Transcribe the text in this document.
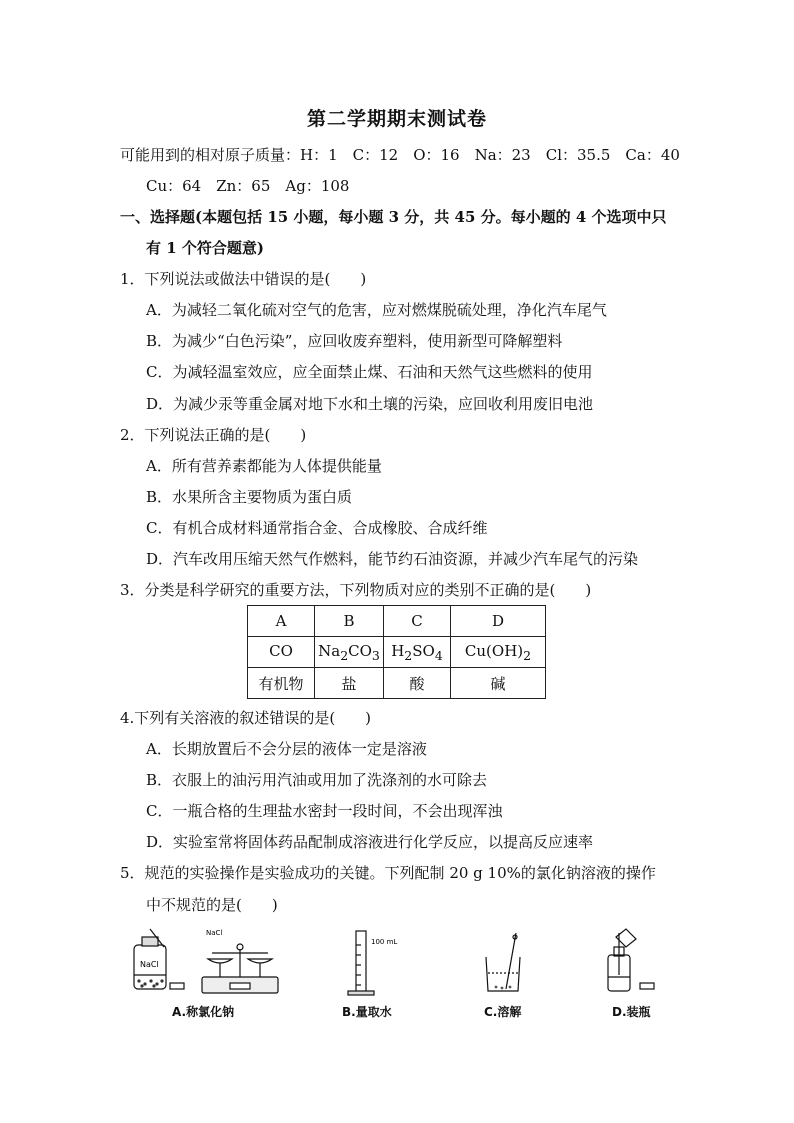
第二学期期末测试卷
可能用到的相对原子质量：H：1　C：12　O：16　Na：23　Cl：35.5　Ca：40
Cu：64　Zn：65　Ag：108
一、选择题(本题包括 15 小题，每小题 3 分，共 45 分。每小题的 4 个选项中只
有 1 个符合题意)
1．下列说法或做法中错误的是(　　)
A．为减轻二氧化硫对空气的危害，应对燃煤脱硫处理，净化汽车尾气
B．为减少“白色污染”，应回收废弃塑料，使用新型可降解塑料
C．为减轻温室效应，应全面禁止煤、石油和天然气这些燃料的使用
D．为减少汞等重金属对地下水和土壤的污染，应回收利用废旧电池
2．下列说法正确的是(　　)
A．所有营养素都能为人体提供能量
B．水果所含主要物质为蛋白质
C．有机合成材料通常指合金、合成橡胶、合成纤维
D．汽车改用压缩天然气作燃料，能节约石油资源，并减少汽车尾气的污染
3．分类是科学研究的重要方法，下列物质对应的类别不正确的是(　　)
A	B	C	D
CO	$Na_2CO_3$	$H_2SO_4$	$Cu(OH)_2$
有机物	盐	酸	碱
4.下列有关溶液的叙述错误的是(　　)
A．长期放置后不会分层的液体一定是溶液
B．衣服上的油污用汽油或用加了洗涤剂的水可除去
C．一瓶合格的生理盐水密封一段时间，不会出现浑浊
D．实验室常将固体药品配制成溶液进行化学反应，以提高反应速率
5．规范的实验操作是实验成功的关键。下列配制 20 g 10%的氯化钠溶液的操作
中不规范的是(　　)
NaCl
NaCl
100 mL
A.称氯化钠	B.量取水	C.溶解	D.装瓶
